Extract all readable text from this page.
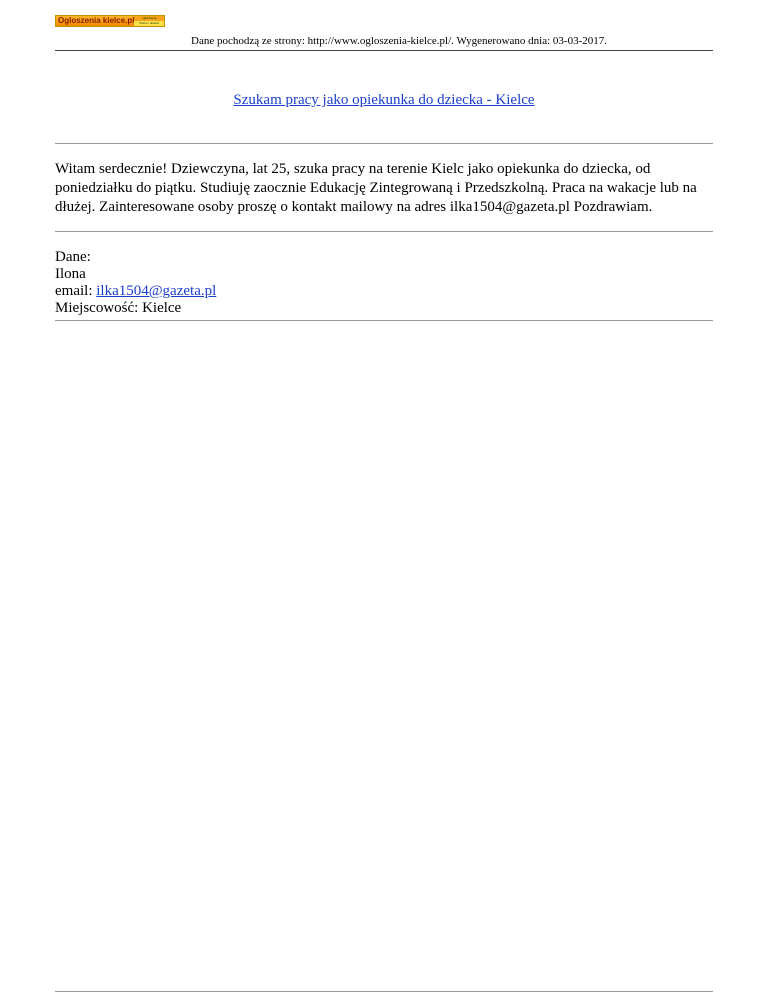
Ogloszenia kielce.pl	ogłoszenia
Kielce i okolice
Dane pochodzą ze strony: http://www.ogloszenia-kielce.pl/. Wygenerowano dnia: 03-03-2017.
Szukam pracy jako opiekunka do dziecka - Kielce

Witam serdecznie! Dziewczyna, lat 25, szuka pracy na terenie Kielc jako opiekunka do dziecka, od poniedziałku do piątku. Studiuję zaocznie Edukację Zintegrowaną i Przedszkolną. Praca na wakacje lub na dłużej. Zainteresowane osoby proszę o kontakt mailowy na adres ilka1504@gazeta.pl Pozdrawiam.

Dane:
Ilona
email: ilka1504@gazeta.pl
Miejscowość: Kielce
